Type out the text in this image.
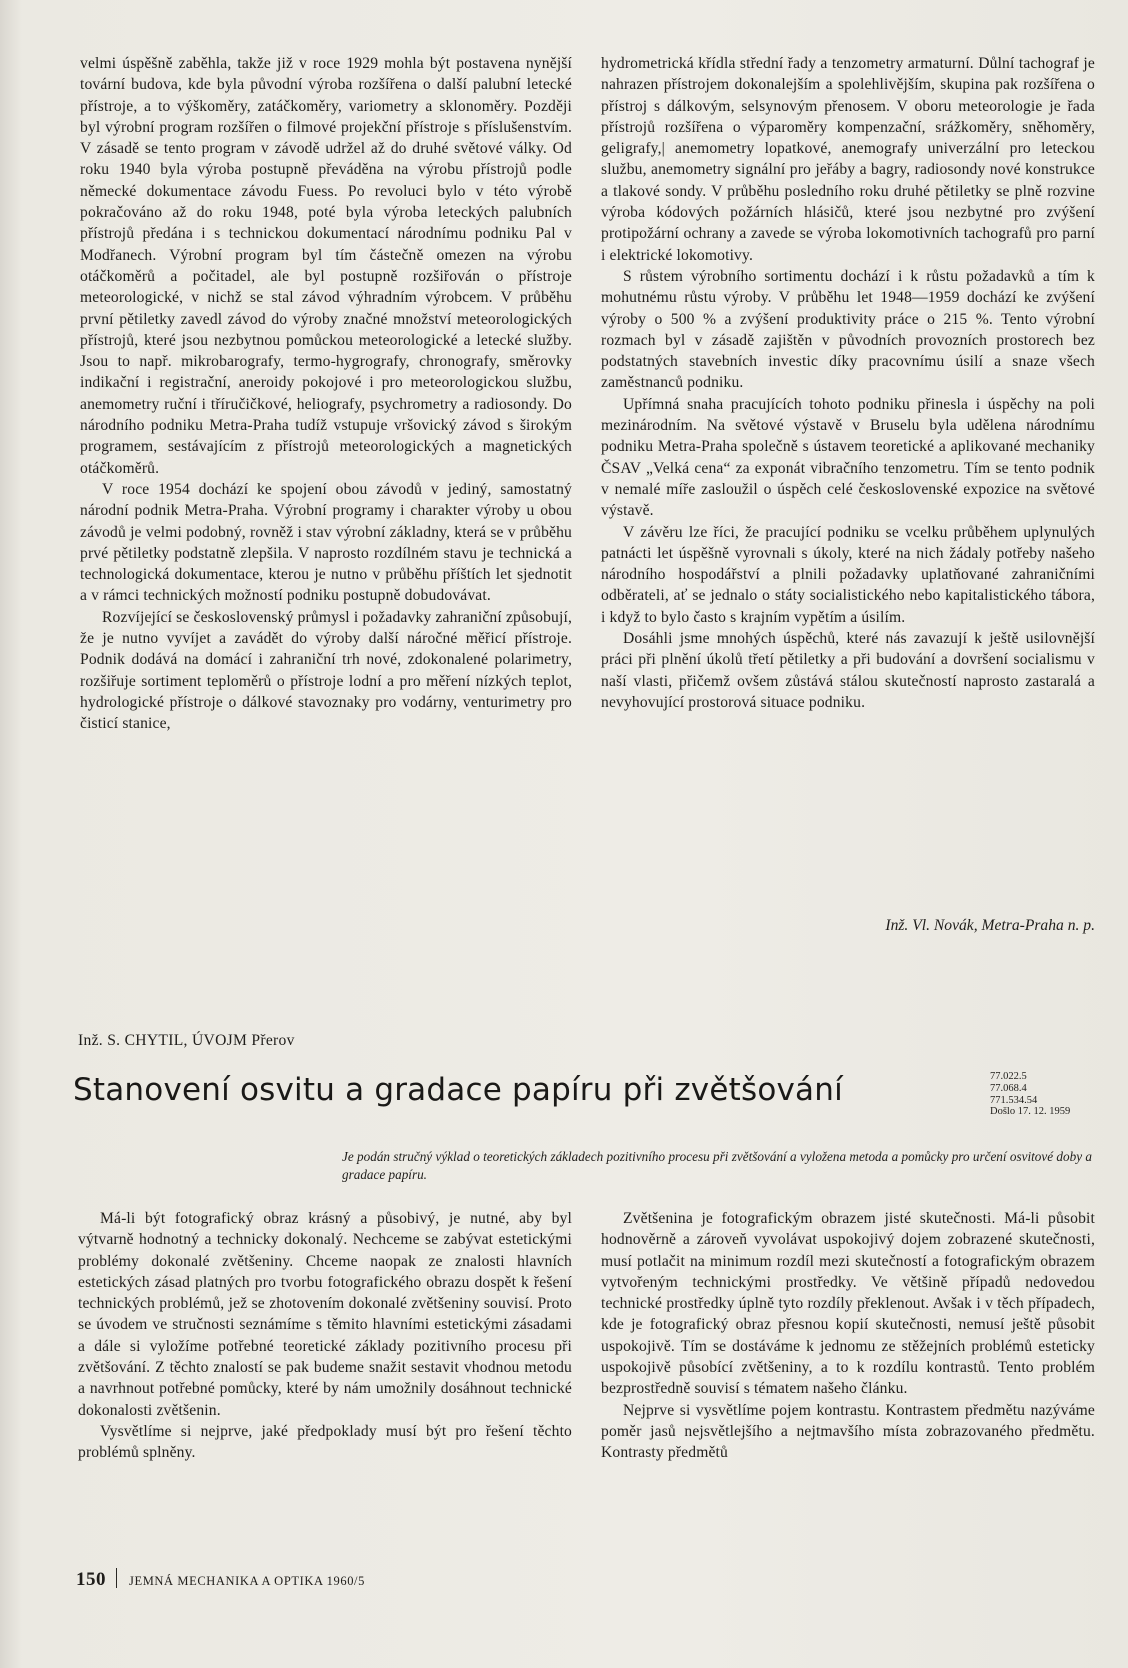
velmi úspěšně zaběhla, takže již v roce 1929 mohla být postavena nynější tovární budova, kde byla původní výroba rozšířena o další palubní letecké přístroje, a to výškoměry, zatáčkoměry, variometry a sklonoměry. Později byl výrobní program rozšířen o filmové projekční přístroje s příslušenstvím. V zásadě se tento program v závodě udržel až do druhé světové války. Od roku 1940 byla výroba postupně převáděna na výrobu přístrojů podle německé dokumentace závodu Fuess. Po revoluci bylo v této výrobě pokračováno až do roku 1948, poté byla výroba leteckých palubních přístrojů předána i s technickou dokumentací národnímu podniku Pal v Modřanech. Výrobní program byl tím částečně omezen na výrobu otáčkoměrů a počitadel, ale byl postupně rozšiřován o přístroje meteorologické, v nichž se stal závod výhradním výrobcem. V průběhu první pětiletky zavedl závod do výroby značné množství meteorologických přístrojů, které jsou nezbytnou pomůckou meteorologické a letecké služby. Jsou to např. mikrobarografy, termo-hygrografy, chronografy, směrovky indikační i registrační, aneroidy pokojové i pro meteorologickou službu, anemometry ruční i tříručičkové, heliografy, psychrometry a radiosondy. Do národního podniku Metra-Praha tudíž vstupuje vršovický závod s širokým programem, sestávajícím z přístrojů meteorologických a magnetických otáčkoměrů.

V roce 1954 dochází ke spojení obou závodů v jediný, samostatný národní podnik Metra-Praha. Výrobní programy i charakter výroby u obou závodů je velmi podobný, rovněž i stav výrobní základny, která se v průběhu prvé pětiletky podstatně zlepšila. V naprosto rozdílném stavu je technická a technologická dokumentace, kterou je nutno v průběhu příštích let sjednotit a v rámci technických možností podniku postupně dobudovávat.

Rozvíjející se československý průmysl i požadavky zahraniční způsobují, že je nutno vyvíjet a zavádět do výroby další náročné měřicí přístroje. Podnik dodává na domácí i zahraniční trh nové, zdokonalené polarimetry, rozšiřuje sortiment teploměrů o přístroje lodní a pro měření nízkých teplot, hydrologické přístroje o dálkové stavoznaky pro vodárny, venturimetry pro čisticí stanice,

hydrometrická křídla střední řady a tenzometry armaturní. Důlní tachograf je nahrazen přístrojem dokonalejším a spolehlivějším, skupina pak rozšířena o přístroj s dálkovým, selsynovým přenosem. V oboru meteorologie je řada přístrojů rozšířena o výparoměry kompenzační, srážkoměry, sněhoměry, geligrafy,| anemometry lopatkové, anemografy univerzální pro leteckou službu, anemometry signální pro jeřáby a bagry, radiosondy nové konstrukce a tlakové sondy. V průběhu posledního roku druhé pětiletky se plně rozvine výroba kódových požárních hlásičů, které jsou nezbytné pro zvýšení protipožární ochrany a zavede se výroba lokomotivních tachografů pro parní i elektrické lokomotivy.

S růstem výrobního sortimentu dochází i k růstu požadavků a tím k mohutnému růstu výroby. V průběhu let 1948—1959 dochází ke zvýšení výroby o 500 % a zvýšení produktivity práce o 215 %. Tento výrobní rozmach byl v zásadě zajištěn v původních provozních prostorech bez podstatných stavebních investic díky pracovnímu úsilí a snaze všech zaměstnanců podniku.

Upřímná snaha pracujících tohoto podniku přinesla i úspěchy na poli mezinárodním. Na světové výstavě v Bruselu byla udělena národnímu podniku Metra-Praha společně s ústavem teoretické a aplikované mechaniky ČSAV „Velká cena“ za exponát vibračního tenzometru. Tím se tento podnik v nemalé míře zasloužil o úspěch celé československé expozice na světové výstavě.

V závěru lze říci, že pracující podniku se vcelku průběhem uplynulých patnácti let úspěšně vyrovnali s úkoly, které na nich žádaly potřeby našeho národního hospodářství a plnili požadavky uplatňované zahraničními odběrateli, ať se jednalo o státy socialistického nebo kapitalistického tábora, i když to bylo často s krajním vypětím a úsilím.

Dosáhli jsme mnohých úspěchů, které nás zavazují k ještě usilovnější práci při plnění úkolů třetí pětiletky a při budování a dovršení socialismu v naší vlasti, přičemž ovšem zůstává stálou skutečností naprosto zastaralá a nevyhovující prostorová situace podniku.

Inž. Vl. Novák, Metra-Praha n. p.
Inž. S. CHYTIL, ÚVOJM Přerov
Stanovení osvitu a gradace papíru při zvětšování	77.022.5
77.068.4
771.534.54
Došlo 17. 12. 1959
Je podán stručný výklad o teoretických základech pozitivního procesu při zvětšování a vyložena metoda a pomůcky pro určení osvitové doby a gradace papíru.

Má-li být fotografický obraz krásný a působivý, je nutné, aby byl výtvarně hodnotný a technicky dokonalý. Nechceme se zabývat estetickými problémy dokonalé zvětšeniny. Chceme naopak ze znalosti hlavních estetických zásad platných pro tvorbu fotografického obrazu dospět k řešení technických problémů, jež se zhotovením dokonalé zvětšeniny souvisí. Proto se úvodem ve stručnosti seznámíme s těmito hlavními estetickými zásadami a dále si vyložíme potřebné teoretické základy pozitivního procesu při zvětšování. Z těchto znalostí se pak budeme snažit sestavit vhodnou metodu a navrhnout potřebné pomůcky, které by nám umožnily dosáhnout technické dokonalosti zvětšenin.

Vysvětlíme si nejprve, jaké předpoklady musí být pro řešení těchto problémů splněny.

Zvětšenina je fotografickým obrazem jisté skutečnosti. Má-li působit hodnověrně a zároveň vyvolávat uspokojivý dojem zobrazené skutečnosti, musí potlačit na minimum rozdíl mezi skutečností a fotografickým obrazem vytvořeným technickými prostředky. Ve většině případů nedovedou technické prostředky úplně tyto rozdíly překlenout. Avšak i v těch případech, kde je fotografický obraz přesnou kopií skutečnosti, nemusí ještě působit uspokojivě. Tím se dostáváme k jednomu ze stěžejních problémů esteticky uspokojivě působící zvětšeniny, a to k rozdílu kontrastů. Tento problém bezprostředně souvisí s tématem našeho článku.

Nejprve si vysvětlíme pojem kontrastu. Kontrastem předmětu nazýváme poměr jasů nejsvětlejšího a nejtmavšího místa zobrazovaného předmětu. Kontrasty předmětů

150 JEMNÁ MECHANIKA A OPTIKA 1960/5
